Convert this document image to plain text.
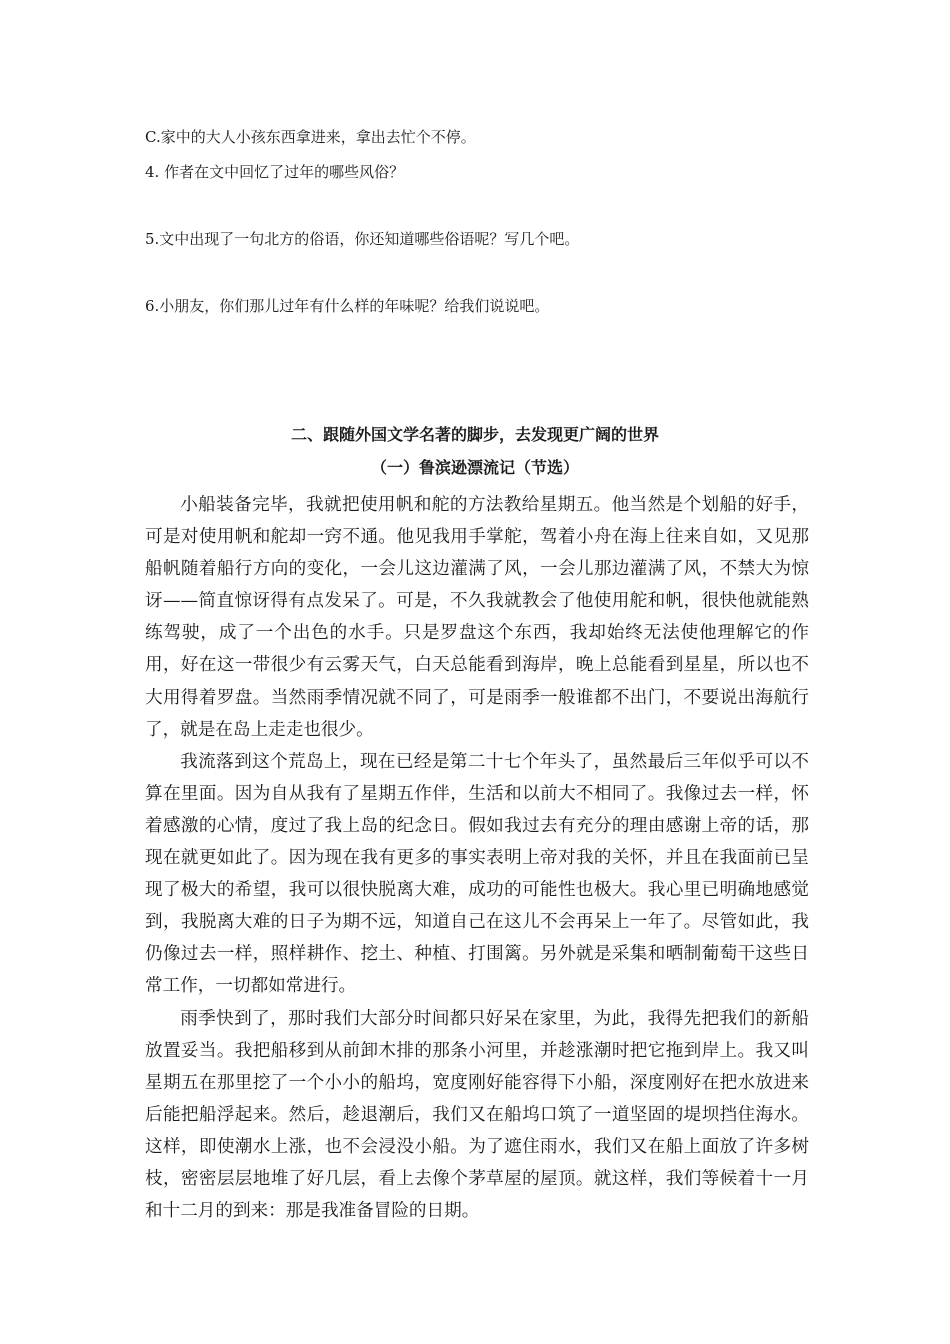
C.家中的大人小孩东西拿进来，拿出去忙个不停。
4. 作者在文中回忆了过年的哪些风俗？
5.文中出现了一句北方的俗语，你还知道哪些俗语呢？写几个吧。
6.小朋友，你们那儿过年有什么样的年味呢？给我们说说吧。
二、跟随外国文学名著的脚步，去发现更广阔的世界
（一）鲁滨逊漂流记（节选）

小船装备完毕，我就把使用帆和舵的方法教给星期五。他当然是个划船的好手，可是对使用帆和舵却一窍不通。他见我用手掌舵，驾着小舟在海上往来自如，又见那船帆随着船行方向的变化，一会儿这边灌满了风，一会儿那边灌满了风，不禁大为惊讶——简直惊讶得有点发呆了。可是，不久我就教会了他使用舵和帆，很快他就能熟练驾驶，成了一个出色的水手。只是罗盘这个东西，我却始终无法使他理解它的作用，好在这一带很少有云雾天气，白天总能看到海岸，晚上总能看到星星，所以也不大用得着罗盘。当然雨季情况就不同了，可是雨季一般谁都不出门，不要说出海航行了，就是在岛上走走也很少。

我流落到这个荒岛上，现在已经是第二十七个年头了，虽然最后三年似乎可以不算在里面。因为自从我有了星期五作伴，生活和以前大不相同了。我像过去一样，怀着感激的心情，度过了我上岛的纪念日。假如我过去有充分的理由感谢上帝的话，那现在就更如此了。因为现在我有更多的事实表明上帝对我的关怀，并且在我面前已呈现了极大的希望，我可以很快脱离大难，成功的可能性也极大。我心里已明确地感觉到，我脱离大难的日子为期不远，知道自己在这儿不会再呆上一年了。尽管如此，我仍像过去一样，照样耕作、挖土、种植、打围篱。另外就是采集和晒制葡萄干这些日常工作，一切都如常进行。

雨季快到了，那时我们大部分时间都只好呆在家里，为此，我得先把我们的新船放置妥当。我把船移到从前卸木排的那条小河里，并趁涨潮时把它拖到岸上。我又叫星期五在那里挖了一个小小的船坞，宽度刚好能容得下小船，深度刚好在把水放进来后能把船浮起来。然后，趁退潮后，我们又在船坞口筑了一道坚固的堤坝挡住海水。这样，即使潮水上涨，也不会浸没小船。为了遮住雨水，我们又在船上面放了许多树枝，密密层层地堆了好几层，看上去像个茅草屋的屋顶。就这样，我们等候着十一月和十二月的到来：那是我准备冒险的日期。
